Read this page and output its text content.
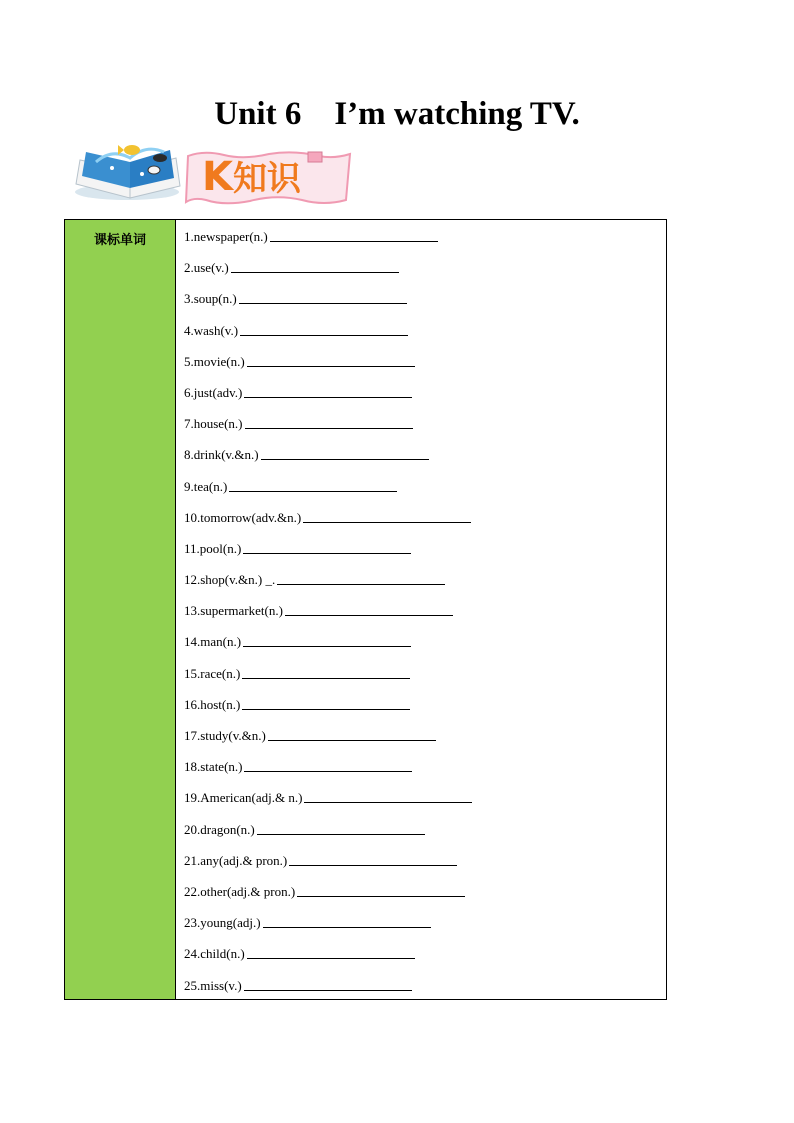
Unit 6    I’m watching TV.
K知识
课标单词	1.newspaper(n.)
2.use(v.)
3.soup(n.)
4.wash(v.)
5.movie(n.)
6.just(adv.)
7.house(n.)
8.drink(v.&n.)
9.tea(n.)
10.tomorrow(adv.&n.)
11.pool(n.)
12.shop(v.&n.) _.
13.supermarket(n.)
14.man(n.)
15.race(n.)
16.host(n.)
17.study(v.&n.)
18.state(n.)
19.American(adj.& n.)
20.dragon(n.)
21.any(adj.& pron.)
22.other(adj.& pron.)
23.young(adj.)
24.child(n.)
25.miss(v.)
